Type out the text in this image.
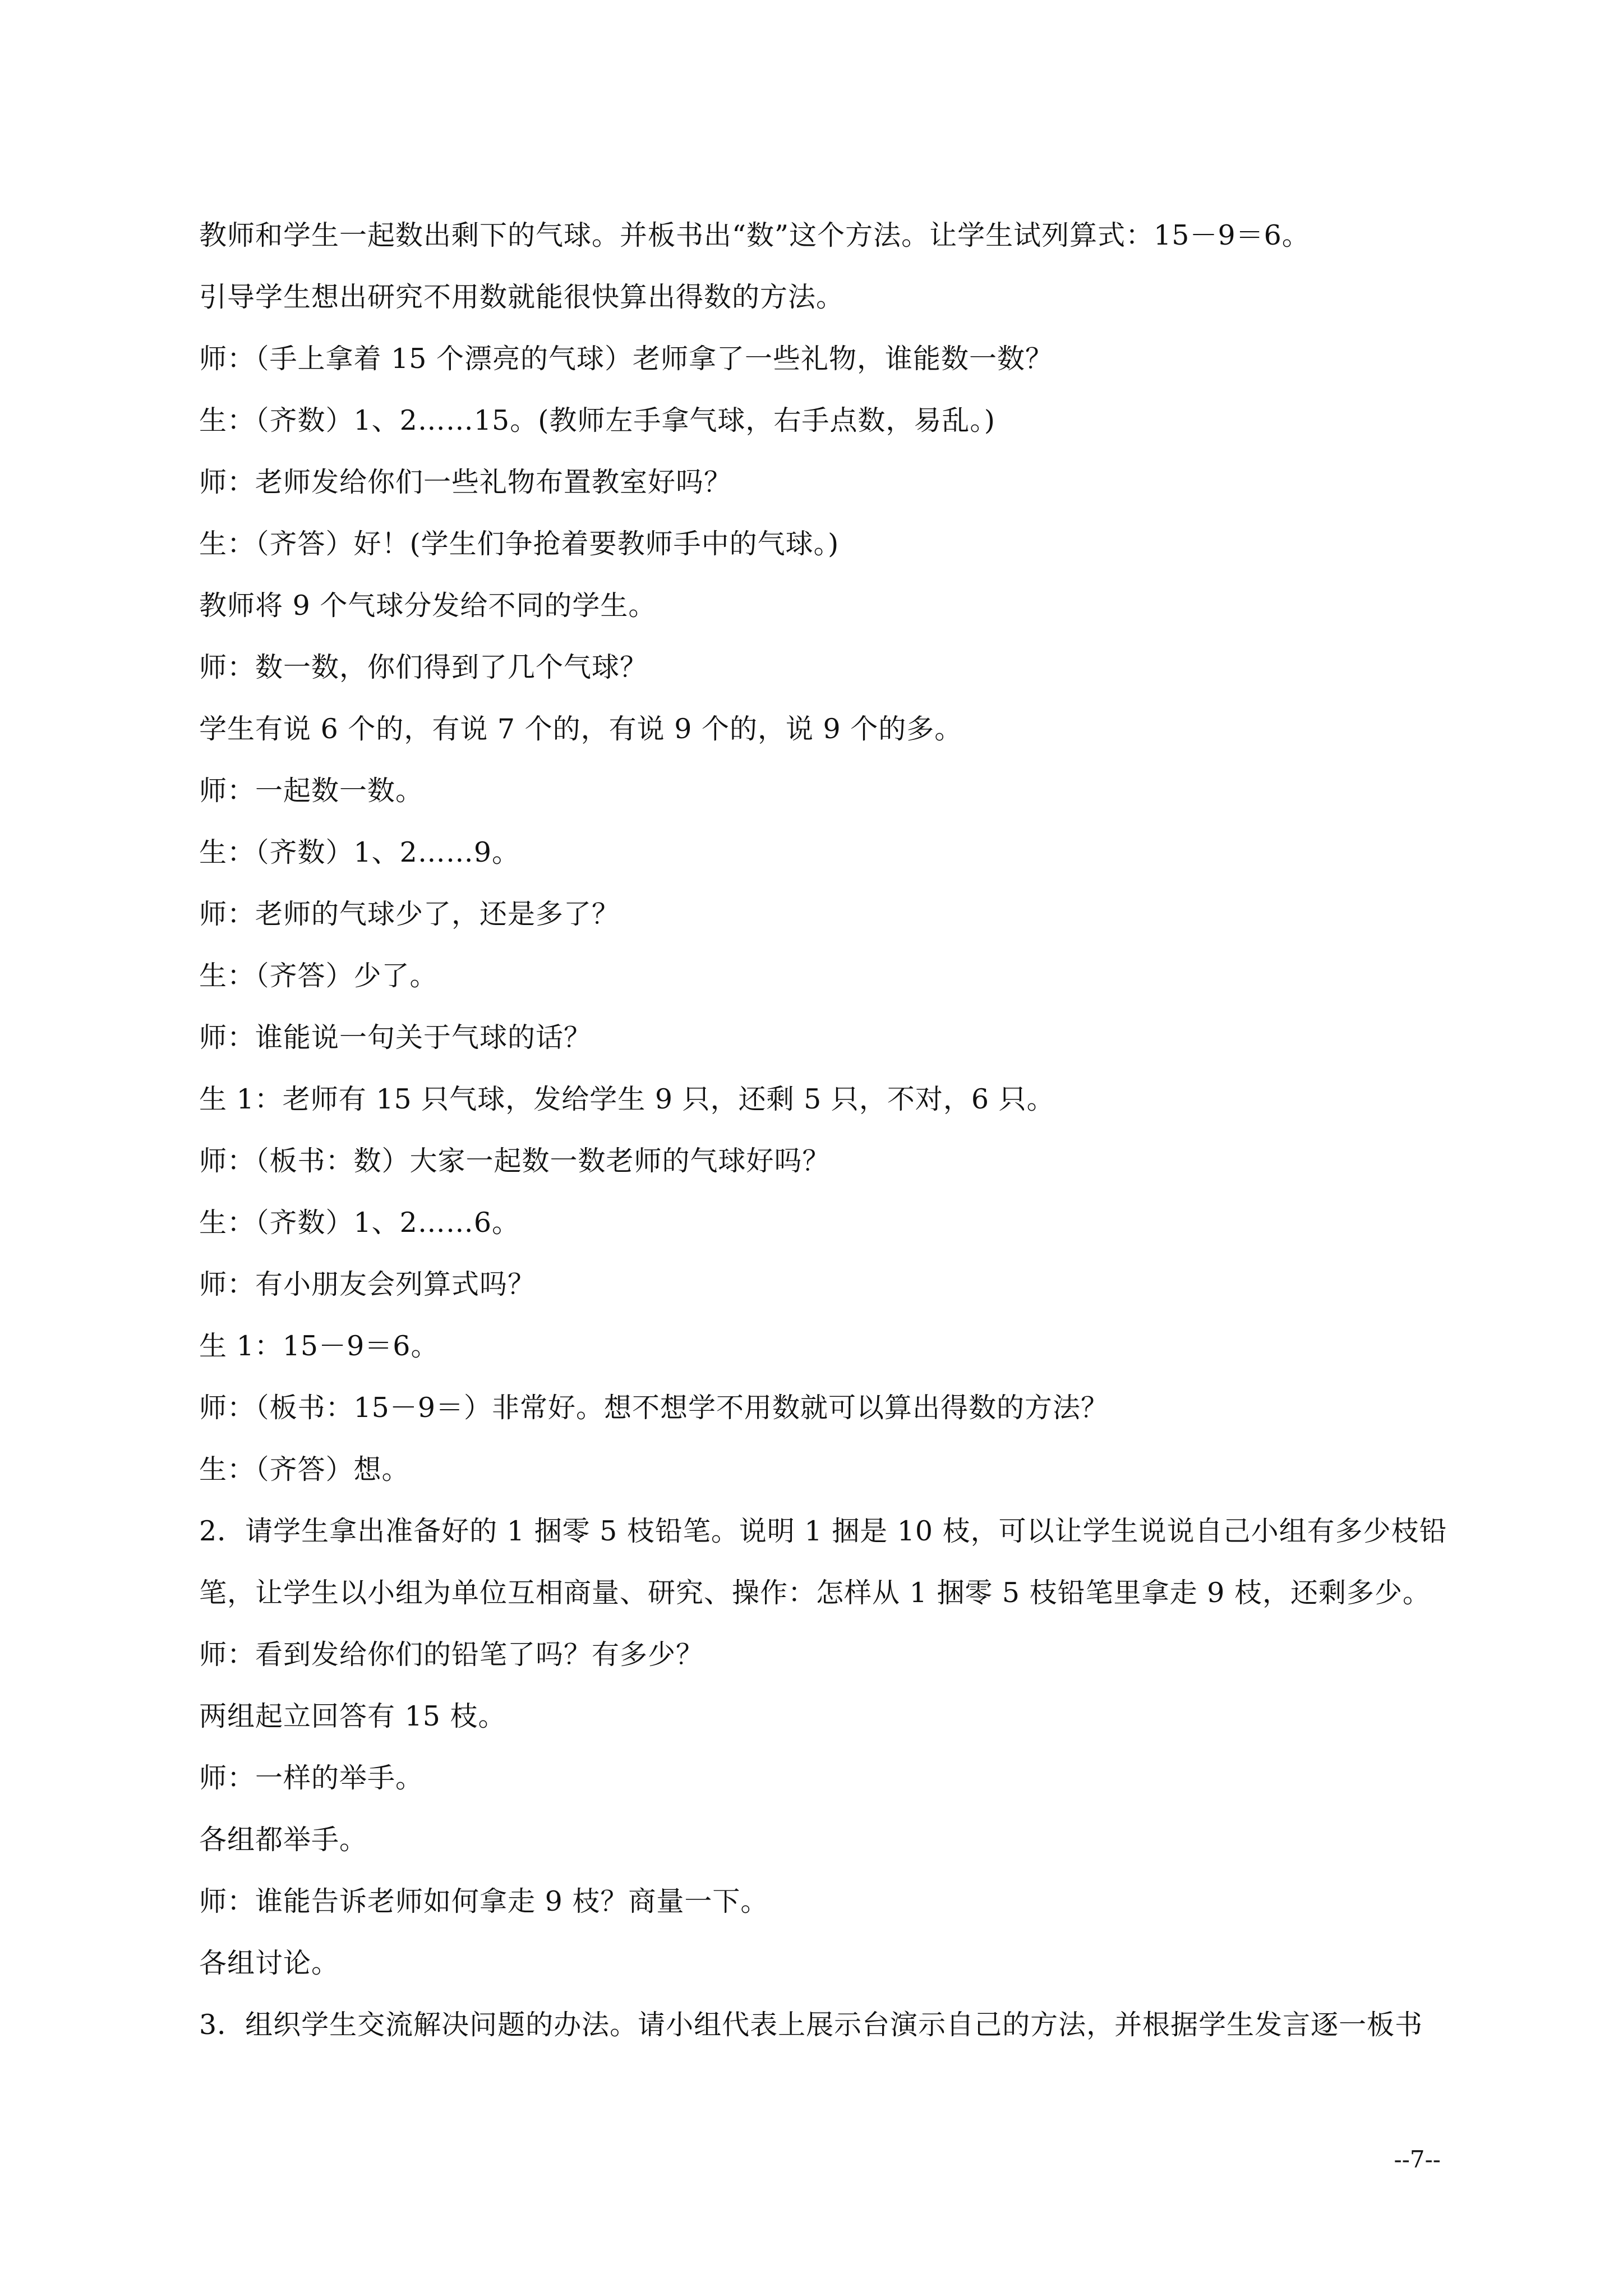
教师和学生一起数出剩下的气球。并板书出“数”这个方法。让学生试列算式：15－9＝6。
引导学生想出研究不用数就能很快算出得数的方法。
师：（手上拿着 15 个漂亮的气球）老师拿了一些礼物，谁能数一数？
生：（齐数）1、2……15。(教师左手拿气球，右手点数，易乱。)
师：老师发给你们一些礼物布置教室好吗？
生：（齐答）好！(学生们争抢着要教师手中的气球。)
教师将 9 个气球分发给不同的学生。
师：数一数，你们得到了几个气球？
学生有说 6 个的，有说 7 个的，有说 9 个的，说 9 个的多。
师：一起数一数。
生：（齐数）1、2……9。
师：老师的气球少了，还是多了？
生：（齐答）少了。
师：谁能说一句关于气球的话？
生 1：老师有 15 只气球，发给学生 9 只，还剩 5 只，不对，6 只。
师：（板书：数）大家一起数一数老师的气球好吗？
生：（齐数）1、2……6。
师：有小朋友会列算式吗？
生 1：15－9＝6。
师：（板书：15－9＝）非常好。想不想学不用数就可以算出得数的方法？
生：（齐答）想。
2．请学生拿出准备好的 1 捆零 5 枝铅笔。说明 1 捆是 10 枝，可以让学生说说自己小组有多少枝铅
笔，让学生以小组为单位互相商量、研究、操作：怎样从 1 捆零 5 枝铅笔里拿走 9 枝，还剩多少。
师：看到发给你们的铅笔了吗？有多少？
两组起立回答有 15 枝。
师：一样的举手。
各组都举手。
师：谁能告诉老师如何拿走 9 枝？商量一下。
各组讨论。
3．组织学生交流解决问题的办法。请小组代表上展示台演示自己的方法，并根据学生发言逐一板书
--7--
